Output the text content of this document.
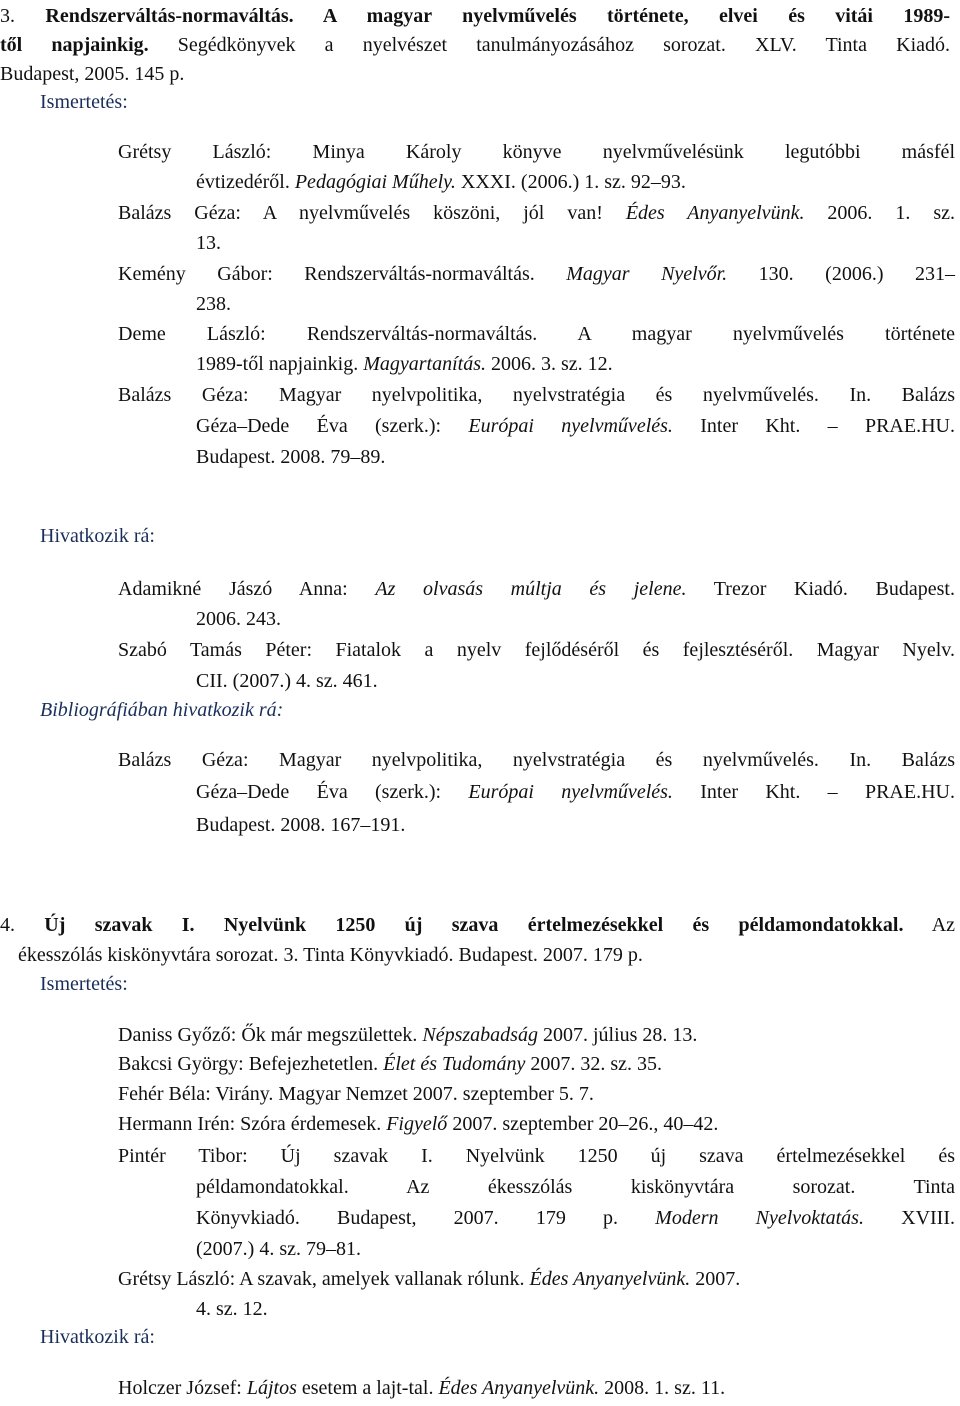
3. Rendszerváltás-normaváltás. A magyar nyelvművelés története, elvei és vitái 1989-
től napjainkig. Segédkönyvek a nyelvészet tanulmányozásához sorozat. XLV. Tinta Kiadó.
Budapest, 2005. 145 p.
Ismertetés:
Grétsy László: Minya Károly könyve nyelvművelésünk legutóbbi másfél
évtizedéről. Pedagógiai Műhely. XXXI. (2006.) 1. sz. 92–93.
Balázs Géza: A nyelvművelés köszöni, jól van! Édes Anyanyelvünk. 2006. 1. sz.
13.
Kemény Gábor: Rendszerváltás-normaváltás. Magyar Nyelvőr. 130. (2006.) 231–
238.
Deme László: Rendszerváltás-normaváltás. A magyar nyelvművelés története
1989-től napjainkig. Magyartanítás. 2006. 3. sz. 12.
Balázs Géza: Magyar nyelvpolitika, nyelvstratégia és nyelvművelés. In. Balázs
Géza–Dede Éva (szerk.): Európai nyelvművelés. Inter Kht. – PRAE.HU.
Budapest. 2008. 79–89.
Hivatkozik rá:
Adamikné Jászó Anna: Az olvasás múltja és jelene. Trezor Kiadó. Budapest.
2006. 243.
Szabó Tamás Péter: Fiatalok a nyelv fejlődéséről és fejlesztéséről. Magyar Nyelv.
CII. (2007.) 4. sz. 461.
Bibliográfiában hivatkozik rá:
Balázs Géza: Magyar nyelvpolitika, nyelvstratégia és nyelvművelés. In. Balázs
Géza–Dede Éva (szerk.): Európai nyelvművelés. Inter Kht. – PRAE.HU.
Budapest. 2008. 167–191.
4. Új szavak I. Nyelvünk 1250 új szava értelmezésekkel és példamondatokkal. Az
ékesszólás kiskönyvtára sorozat. 3. Tinta Könyvkiadó. Budapest. 2007. 179 p.
Ismertetés:
Daniss Győző: Ők már megszülettek. Népszabadság 2007. július 28. 13.
Bakcsi György: Befejezhetetlen. Élet és Tudomány 2007. 32. sz. 35.
Fehér Béla: Virány. Magyar Nemzet 2007. szeptember 5. 7.
Hermann Irén: Szóra érdemesek. Figyelő 2007. szeptember 20–26., 40–42.
Pintér Tibor: Új szavak I. Nyelvünk 1250 új szava értelmezésekkel és
példamondatokkal. Az ékesszólás kiskönyvtára sorozat. Tinta
Könyvkiadó. Budapest, 2007. 179 p. Modern Nyelvoktatás. XVIII.
(2007.) 4. sz. 79–81.
Grétsy László: A szavak, amelyek vallanak rólunk. Édes Anyanyelvünk. 2007.
4. sz. 12.
Hivatkozik rá:
Holczer József: Lájtos esetem a lajt-tal. Édes Anyanyelvünk. 2008. 1. sz. 11.
